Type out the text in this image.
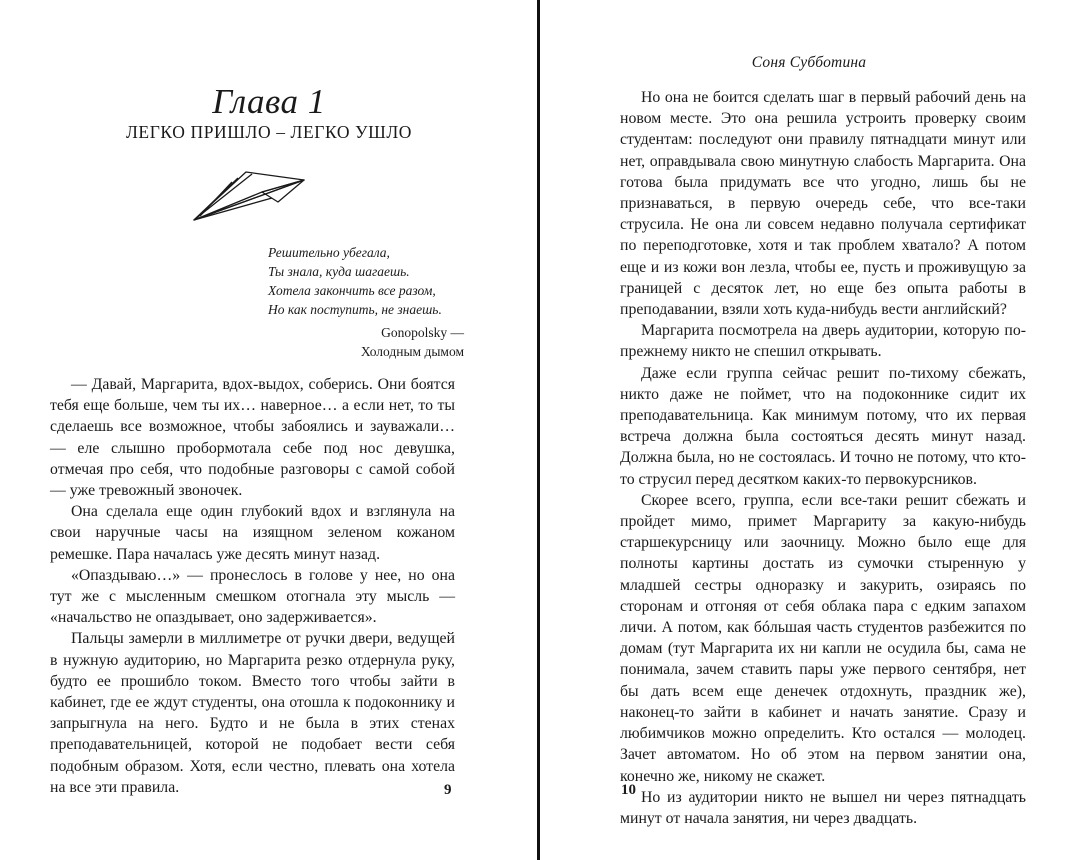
Глава 1
ЛЕГКО ПРИШЛО – ЛЕГКО УШЛО
Решительно убегала,
Ты знала, куда шагаешь.
Хотела закончить все разом,
Но как поступить, не знаешь.
Gonopolsky —
Холодным дымом

— Давай, Маргарита, вдох-выдох, соберись. Они боятся тебя еще больше, чем ты их… наверное… а если нет, то ты сделаешь все возможное, чтобы забоялись и зауважали… — еле слышно пробормотала себе под нос девушка, отмечая про себя, что подобные разговоры с самой собой — уже тревожный звоночек.

Она сделала еще один глубокий вдох и взглянула на свои наручные часы на изящном зеленом кожаном ремешке. Пара началась уже десять минут назад.

«Опаздываю…» — пронеслось в голове у нее, но она тут же с мысленным смешком отогнала эту мысль — «начальство не опаздывает, оно задерживается».

Пальцы замерли в миллиметре от ручки двери, ведущей в нужную аудиторию, но Маргарита резко отдернула руку, будто ее прошибло током. Вместо того чтобы зайти в кабинет, где ее ждут студенты, она отошла к подоконнику и запрыгнула на него. Будто и не была в этих стенах преподавательницей, которой не подобает вести себя подобным образом. Хотя, если честно, плевать она хотела на все эти правила.	9
Соня Субботина

Но она не боится сделать шаг в первый рабочий день на новом месте. Это она решила устроить проверку своим студентам: последуют они правилу пятнадцати минут или нет, оправдывала свою минутную слабость Маргарита. Она готова была придумать все что угодно, лишь бы не признаваться, в первую очередь себе, что все-таки струсила. Не она ли совсем недавно получала сертификат по переподготовке, хотя и так проблем хватало? А потом еще и из кожи вон лезла, чтобы ее, пусть и проживущую за границей с десяток лет, но еще без опыта работы в преподавании, взяли хоть куда-нибудь вести английский?

Маргарита посмотрела на дверь аудитории, которую по-прежнему никто не спешил открывать.

Даже если группа сейчас решит по-тихому сбежать, никто даже не поймет, что на подоконнике сидит их преподавательница. Как минимум потому, что их первая встреча должна была состояться десять минут назад. Должна была, но не состоялась. И точно не потому, что кто-то струсил перед десятком каких-то первокурсников.

Скорее всего, группа, если все-таки решит сбежать и пройдет мимо, примет Маргариту за какую-нибудь старшекурсницу или заочницу. Можно было еще для полноты картины достать из сумочки стыренную у младшей сестры одноразку и закурить, озираясь по сторонам и отгоняя от себя облака пара с едким запахом личи. А потом, как бóльшая часть студентов разбежится по домам (тут Маргарита их ни капли не осудила бы, сама не понимала, зачем ставить пары уже первого сентября, нет бы дать всем еще денечек отдохнуть, праздник же), наконец-то зайти в кабинет и начать занятие. Сразу и любимчиков можно определить. Кто остался — молодец. Зачет автоматом. Но об этом на первом занятии она, конечно же, никому не скажет.

Но из аудитории никто не вышел ни через пятнадцать минут от начала занятия, ни через двадцать.

10
